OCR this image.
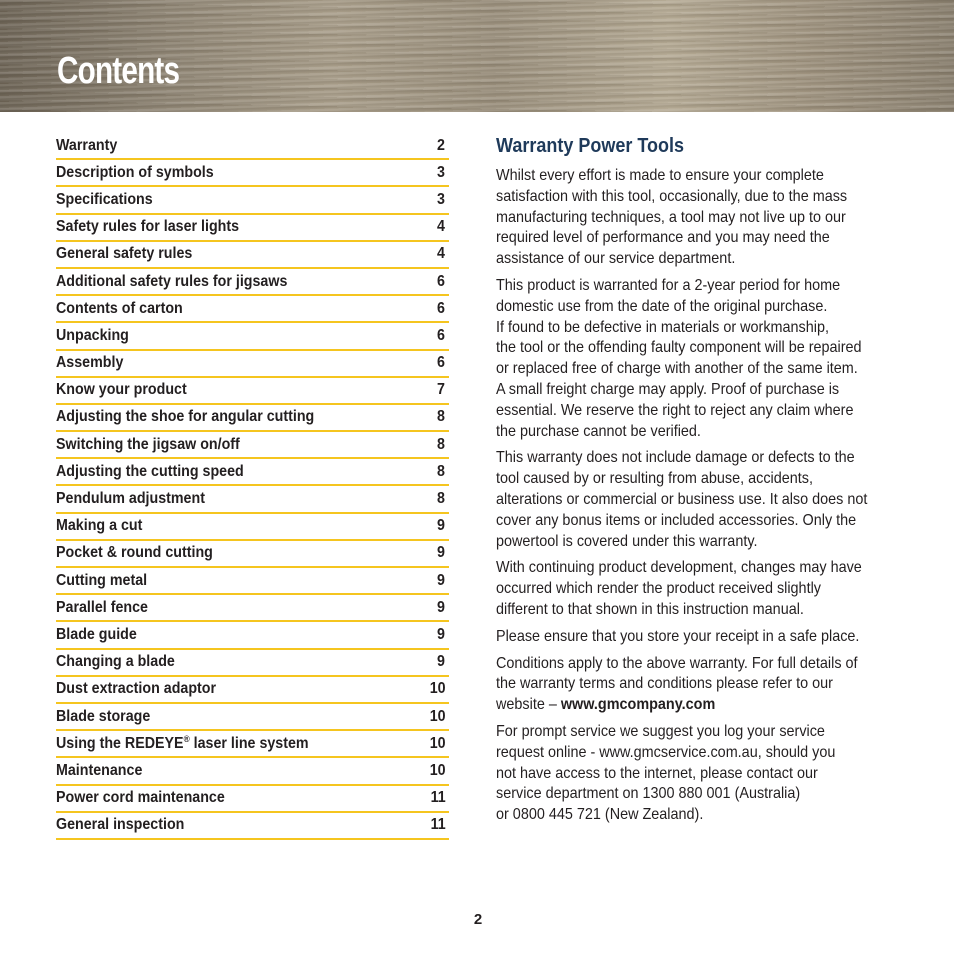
Contents
Warranty	2
Description of symbols	3
Specifications	3
Safety rules for laser lights	4
General safety rules	4
Additional safety rules for jigsaws	6
Contents of carton	6
Unpacking	6
Assembly	6
Know your product	7
Adjusting the shoe for angular cutting	8
Switching the jigsaw on/off	8
Adjusting the cutting speed	8
Pendulum adjustment	8
Making a cut	9
Pocket & round cutting	9
Cutting metal	9
Parallel fence	9
Blade guide	9
Changing a blade	9
Dust extraction adaptor	10
Blade storage	10
Using the REDEYE® laser line system	10
Maintenance	10
Power cord maintenance	11
General inspection	11
Warranty Power Tools

Whilst every effort is made to ensure your complete
satisfaction with this tool, occasionally, due to the mass
manufacturing techniques, a tool may not live up to our
required level of performance and you may need the
assistance of our service department.

This product is warranted for a 2-year period for home
domestic use from the date of the original purchase.
If found to be defective in materials or workmanship,
the tool or the offending faulty component will be repaired
or replaced free of charge with another of the same item.
A small freight charge may apply. Proof of purchase is
essential. We reserve the right to reject any claim where
the purchase cannot be verified.

This warranty does not include damage or defects to the
tool caused by or resulting from abuse, accidents,
alterations or commercial or business use. It also does not
cover any bonus items or included accessories. Only the
powertool is covered under this warranty.

With continuing product development, changes may have
occurred which render the product received slightly
different to that shown in this instruction manual.

Please ensure that you store your receipt in a safe place.

Conditions apply to the above warranty. For full details of
the warranty terms and conditions please refer to our
website – www.gmcompany.com

For prompt service we suggest you log your service
request online - www.gmcservice.com.au, should you
not have access to the internet, please contact our
service department on 1300 880 001 (Australia)
or 0800 445 721 (New Zealand).

2
